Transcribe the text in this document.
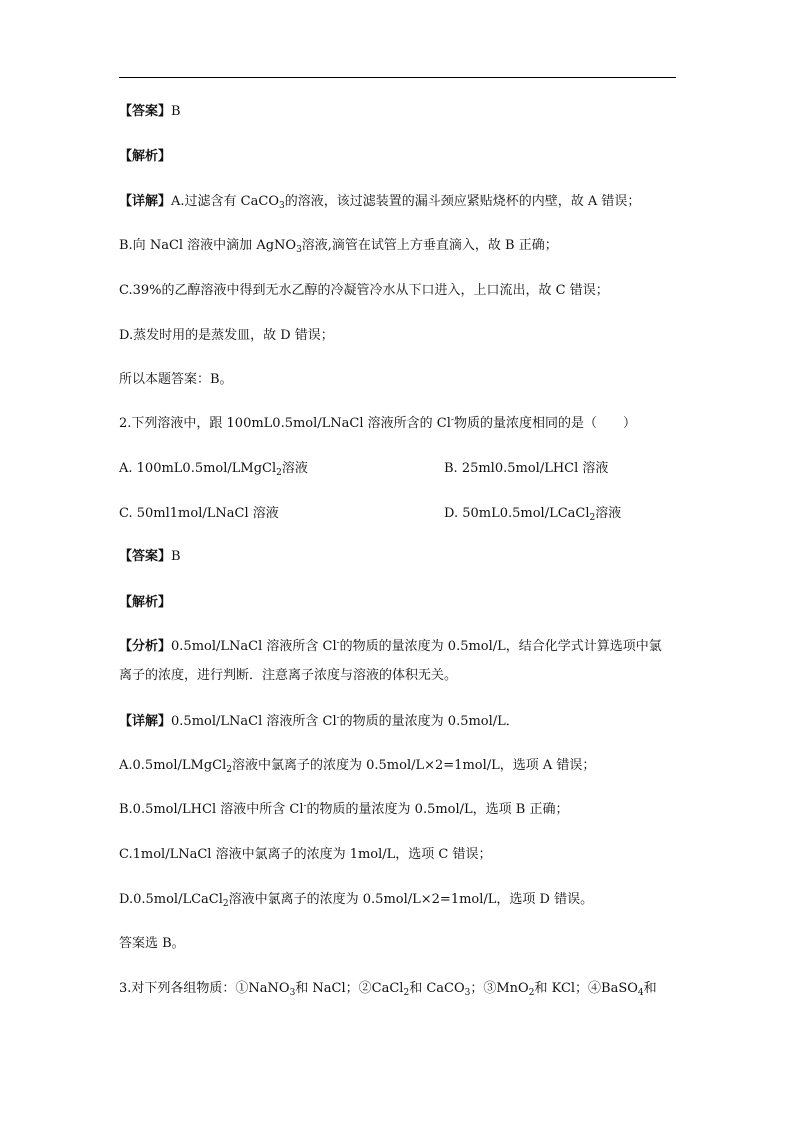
【答案】B
【解析】
【详解】A.过滤含有 CaCO$_3$的溶液，该过滤装置的漏斗颈应紧贴烧杯的内壁，故 A 错误；
B.向 NaCl 溶液中滴加 AgNO$_3$溶液,滴管在试管上方垂直滴入，故 B 正确；
C.39%的乙醇溶液中得到无水乙醇的冷凝管冷水从下口进入，上口流出，故 C 错误；
D.蒸发时用的是蒸发皿，故 D 错误；
所以本题答案：B。
2.下列溶液中，跟 100mL0.5mol/LNaCl 溶液所含的 Cl-物质的量浓度相同的是（　　）
A. 100mL0.5mol/LMgCl$_2$溶液	B. 25ml0.5mol/LHCl 溶液
C. 50ml1mol/LNaCl 溶液	D. 50mL0.5mol/LCaCl$_2$溶液
【答案】B
【解析】
【分析】0.5mol/LNaCl 溶液所含 Cl-的物质的量浓度为 0.5mol/L，结合化学式计算选项中氯
离子的浓度，进行判断．注意离子浓度与溶液的体积无关。
【详解】0.5mol/LNaCl 溶液所含 Cl-的物质的量浓度为 0.5mol/L．
A.0.5mol/LMgCl$_2$溶液中氯离子的浓度为 0.5mol/L×2=1mol/L，选项 A 错误；
B.0.5mol/LHCl 溶液中所含 Cl-的物质的量浓度为 0.5mol/L，选项 B 正确；
C.1mol/LNaCl 溶液中氯离子的浓度为 1mol/L，选项 C 错误；
D.0.5mol/LCaCl$_2$溶液中氯离子的浓度为 0.5mol/L×2=1mol/L，选项 D 错误。
答案选 B。
3.对下列各组物质：①NaNO$_3$和 NaCl；②CaCl$_2$和 CaCO$_3$；③MnO$_2$和 KCl；④BaSO$_4$和
